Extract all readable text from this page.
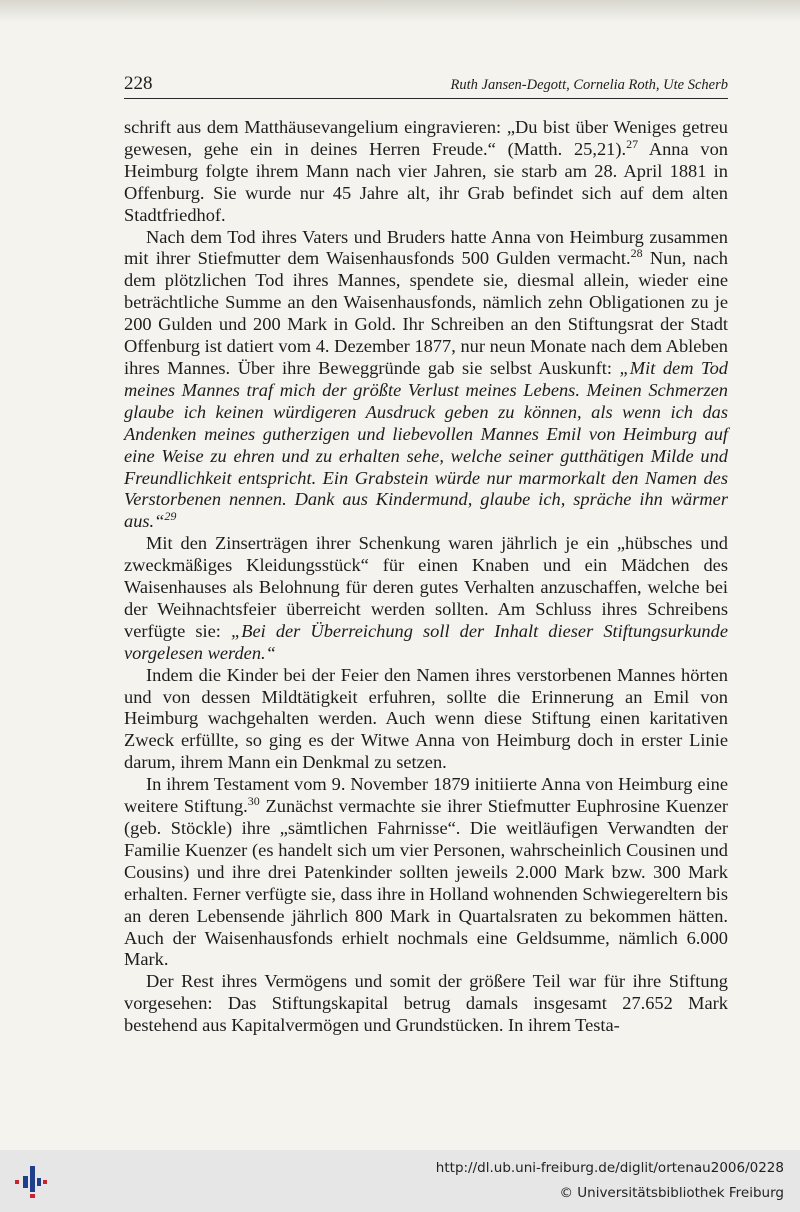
228	Ruth Jansen-Degott, Cornelia Roth, Ute Scherb

schrift aus dem Matthäusevangelium eingravieren: „Du bist über Weniges getreu gewesen, gehe ein in deines Herren Freude.“ (Matth. 25,21).$^{27}$ Anna von Heimburg folgte ihrem Mann nach vier Jahren, sie starb am 28. April 1881 in Offenburg. Sie wurde nur 45 Jahre alt, ihr Grab befindet sich auf dem alten Stadtfriedhof.

Nach dem Tod ihres Vaters und Bruders hatte Anna von Heimburg zusammen mit ihrer Stiefmutter dem Waisenhausfonds 500 Gulden vermacht.$^{28}$ Nun, nach dem plötzlichen Tod ihres Mannes, spendete sie, diesmal allein, wieder eine beträchtliche Summe an den Waisenhausfonds, nämlich zehn Obligationen zu je 200 Gulden und 200 Mark in Gold. Ihr Schreiben an den Stiftungsrat der Stadt Offenburg ist datiert vom 4. Dezember 1877, nur neun Monate nach dem Ableben ihres Mannes. Über ihre Beweggründe gab sie selbst Auskunft: „Mit dem Tod meines Mannes traf mich der größte Verlust meines Lebens. Meinen Schmerzen glaube ich keinen würdigeren Ausdruck geben zu können, als wenn ich das Andenken meines gutherzigen und liebevollen Mannes Emil von Heimburg auf eine Weise zu ehren und zu erhalten sehe, welche seiner gutthätigen Milde und Freundlichkeit entspricht. Ein Grabstein würde nur marmorkalt den Namen des Verstorbenen nennen. Dank aus Kindermund, glaube ich, spräche ihn wärmer aus.“$^{29}$

Mit den Zinserträgen ihrer Schenkung waren jährlich je ein „hübsches und zweckmäßiges Kleidungsstück“ für einen Knaben und ein Mädchen des Waisenhauses als Belohnung für deren gutes Verhalten anzuschaffen, welche bei der Weihnachtsfeier überreicht werden sollten. Am Schluss ihres Schreibens verfügte sie: „Bei der Überreichung soll der Inhalt dieser Stiftungsurkunde vorgelesen werden.“

Indem die Kinder bei der Feier den Namen ihres verstorbenen Mannes hörten und von dessen Mildtätigkeit erfuhren, sollte die Erinnerung an Emil von Heimburg wachgehalten werden. Auch wenn diese Stiftung einen karitativen Zweck erfüllte, so ging es der Witwe Anna von Heimburg doch in erster Linie darum, ihrem Mann ein Denkmal zu setzen.

In ihrem Testament vom 9. November 1879 initiierte Anna von Heimburg eine weitere Stiftung.$^{30}$ Zunächst vermachte sie ihrer Stiefmutter Euphrosine Kuenzer (geb. Stöckle) ihre „sämtlichen Fahrnisse“. Die weitläufigen Verwandten der Familie Kuenzer (es handelt sich um vier Personen, wahrscheinlich Cousinen und Cousins) und ihre drei Patenkinder sollten jeweils 2.000 Mark bzw. 300 Mark erhalten. Ferner verfügte sie, dass ihre in Holland wohnenden Schwiegereltern bis an deren Lebensende jährlich 800 Mark in Quartalsraten zu bekommen hätten. Auch der Waisenhausfonds erhielt nochmals eine Geldsumme, nämlich 6.000 Mark.

Der Rest ihres Vermögens und somit der größere Teil war für ihre Stiftung vorgesehen: Das Stiftungskapital betrug damals insgesamt 27.652 Mark bestehend aus Kapitalvermögen und Grundstücken. In ihrem Testa-

http://dl.ub.uni-freiburg.de/diglit/ortenau2006/0228
© Universitätsbibliothek Freiburg
